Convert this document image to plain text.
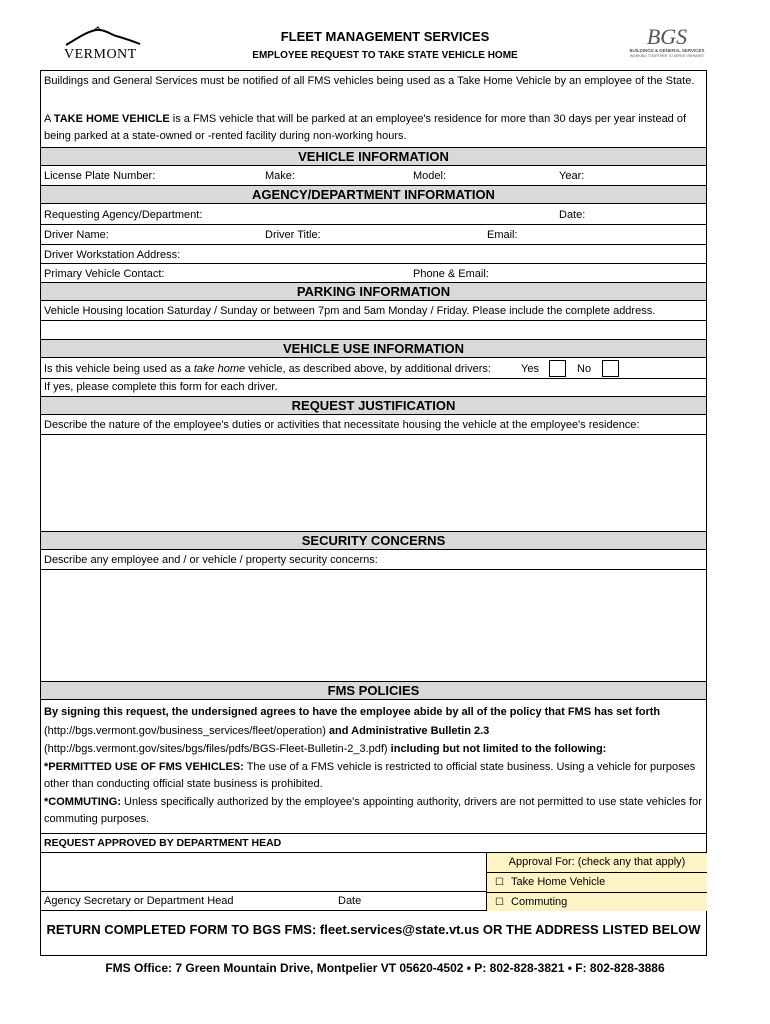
VERMONT
BGS
BUILDINGS & GENERAL SERVICES
WORKING TOGETHER TO SERVE VERMONT
FLEET MANAGEMENT SERVICES
EMPLOYEE REQUEST TO TAKE STATE VEHICLE HOME
Buildings and General Services must be notified of all FMS vehicles being used as a Take Home Vehicle by an employee of the State.
A TAKE HOME VEHICLE is a FMS vehicle that will be parked at an employee's residence for more than 30 days per year instead of being parked at a state-owned or -rented facility during non-working hours.
VEHICLE INFORMATION
License Plate Number:	Make:	Model:	Year:
AGENCY/DEPARTMENT INFORMATION
Requesting Agency/Department:	Date:
Driver Name:	Driver Title:	Email:
Driver Workstation Address:
Primary Vehicle Contact:	Phone & Email:
PARKING INFORMATION
Vehicle Housing location Saturday / Sunday or between 7pm and 5am Monday / Friday. Please include the complete address.
VEHICLE USE INFORMATION
Is this vehicle being used as a take home vehicle, as described above, by additional drivers:	Yes	No
If yes, please complete this form for each driver.
REQUEST JUSTIFICATION
Describe the nature of the employee's duties or activities that necessitate housing the vehicle at the employee's residence:
SECURITY CONCERNS
Describe any employee and / or vehicle / property security concerns:
FMS POLICIES
By signing this request, the undersigned agrees to have the employee abide by all of the policy that FMS has set forth
(http://bgs.vermont.gov/business_services/fleet/operation) and Administrative Bulletin 2.3
(http://bgs.vermont.gov/sites/bgs/files/pdfs/BGS-Fleet-Bulletin-2_3.pdf) including but not limited to the following:
*PERMITTED USE OF FMS VEHICLES: The use of a FMS vehicle is restricted to official state business. Using a vehicle for purposes other than conducting official state business is prohibited.
*COMMUTING: Unless specifically authorized by the employee's appointing authority, drivers are not permitted to use state vehicles for commuting purposes.
REQUEST APPROVED BY DEPARTMENT HEAD
Agency Secretary or Department Head	Date
Approval For: (check any that apply)
☐ Take Home Vehicle
☐ Commuting
RETURN COMPLETED FORM TO BGS FMS: fleet.services@state.vt.us OR THE ADDRESS LISTED BELOW
FMS Office: 7 Green Mountain Drive, Montpelier VT 05620-4502 • P: 802-828-3821 • F: 802-828-3886
